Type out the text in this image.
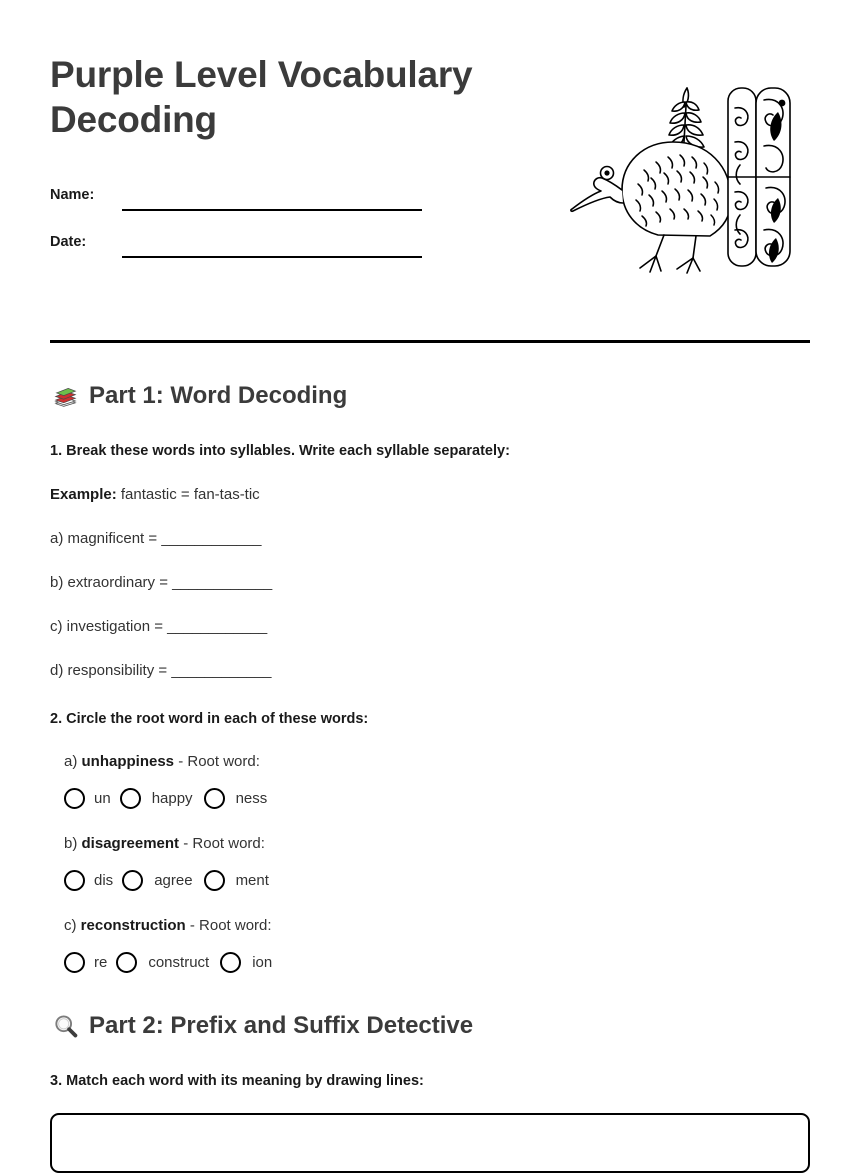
Purple Level Vocabulary Decoding
Name:
Date:
Part 1: Word Decoding
1. Break these words into syllables. Write each syllable separately:
Example: fantastic = fan-tas-tic
a) magnificent = ____________
b) extraordinary = ____________
c) investigation = ____________
d) responsibility = ____________
2. Circle the root word in each of these words:
a) unhappiness - Root word:
un	happy	ness
b) disagreement - Root word:
dis	agree	ment
c) reconstruction - Root word:
re	construct	ion
Part 2: Prefix and Suffix Detective
3. Match each word with its meaning by drawing lines:
